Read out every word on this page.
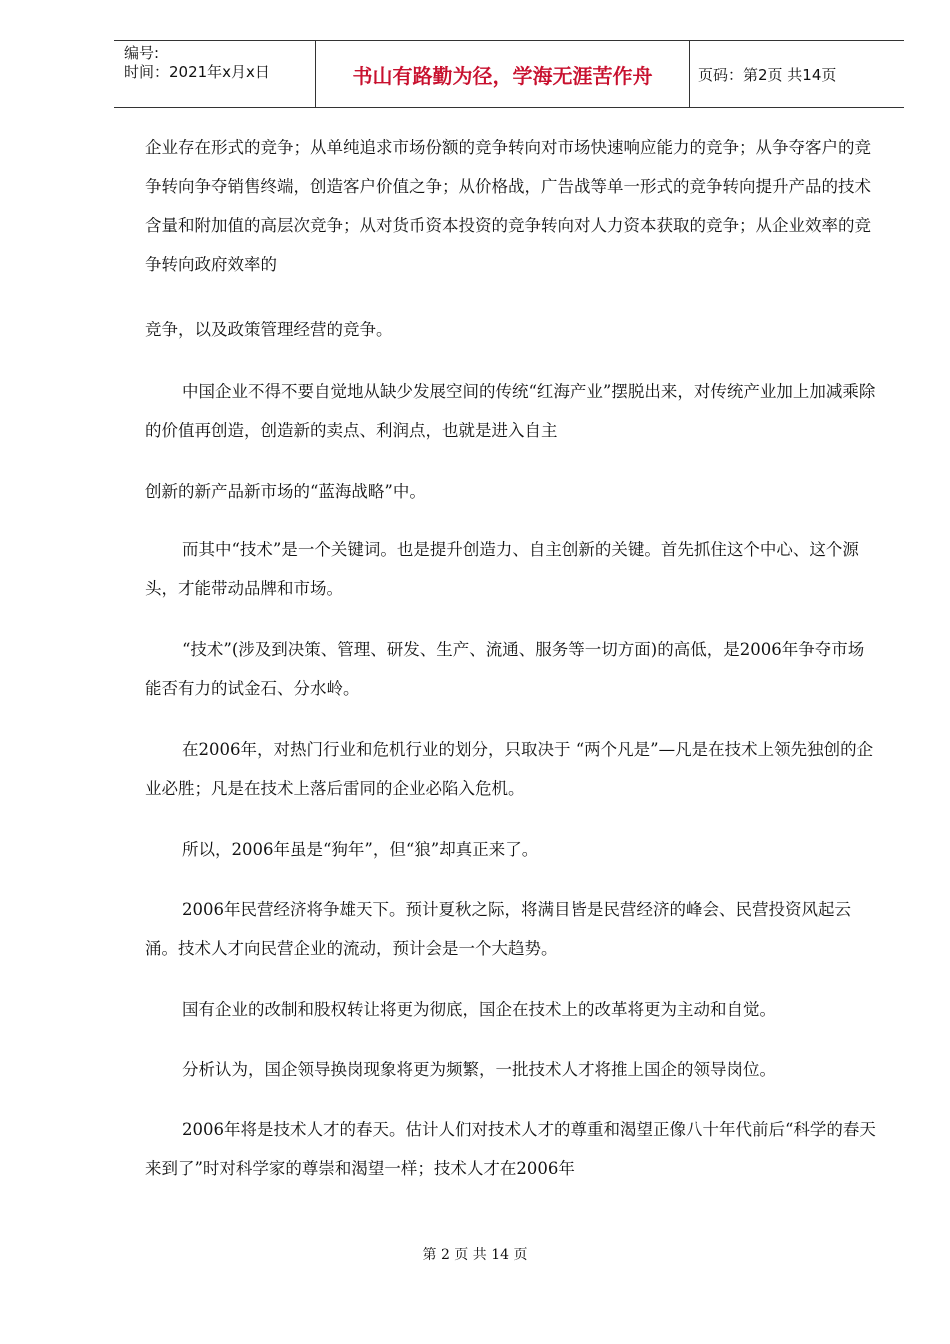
编号:
时间：2021年x月x日	书山有路勤为径，学海无涯苦作舟	页码：第2页 共14页

企业存在形式的竞争；从单纯追求市场份额的竞争转向对市场快速响应能力的竞争；从争夺客户的竞争转向争夺销售终端，创造客户价值之争；从价格战，广告战等单一形式的竞争转向提升产品的技术含量和附加值的高层次竞争；从对货币资本投资的竞争转向对人力资本获取的竞争；从企业效率的竞争转向政府效率的

竞争，以及政策管理经营的竞争。

中国企业不得不要自觉地从缺少发展空间的传统“红海产业”摆脱出来，对传统产业加上加减乘除的价值再创造，创造新的卖点、利润点，也就是进入自主

创新的新产品新市场的“蓝海战略”中。

而其中“技术”是一个关键词。也是提升创造力、自主创新的关键。首先抓住这个中心、这个源头，才能带动品牌和市场。

“技术”(涉及到决策、管理、研发、生产、流通、服务等一切方面)的高低，是2006年争夺市场能否有力的试金石、分水岭。

在2006年，对热门行业和危机行业的划分，只取决于 “两个凡是”—凡是在技术上领先独创的企业必胜；凡是在技术上落后雷同的企业必陷入危机。

所以，2006年虽是“狗年”，但“狼”却真正来了。

2006年民营经济将争雄天下。预计夏秋之际，将满目皆是民营经济的峰会、民营投资风起云涌。技术人才向民营企业的流动，预计会是一个大趋势。

国有企业的改制和股权转让将更为彻底，国企在技术上的改革将更为主动和自觉。

分析认为，国企领导换岗现象将更为频繁，一批技术人才将推上国企的领导岗位。

2006年将是技术人才的春天。估计人们对技术人才的尊重和渴望正像八十年代前后“科学的春天来到了”时对科学家的尊崇和渴望一样；技术人才在2006年

第 2 页 共 14 页
